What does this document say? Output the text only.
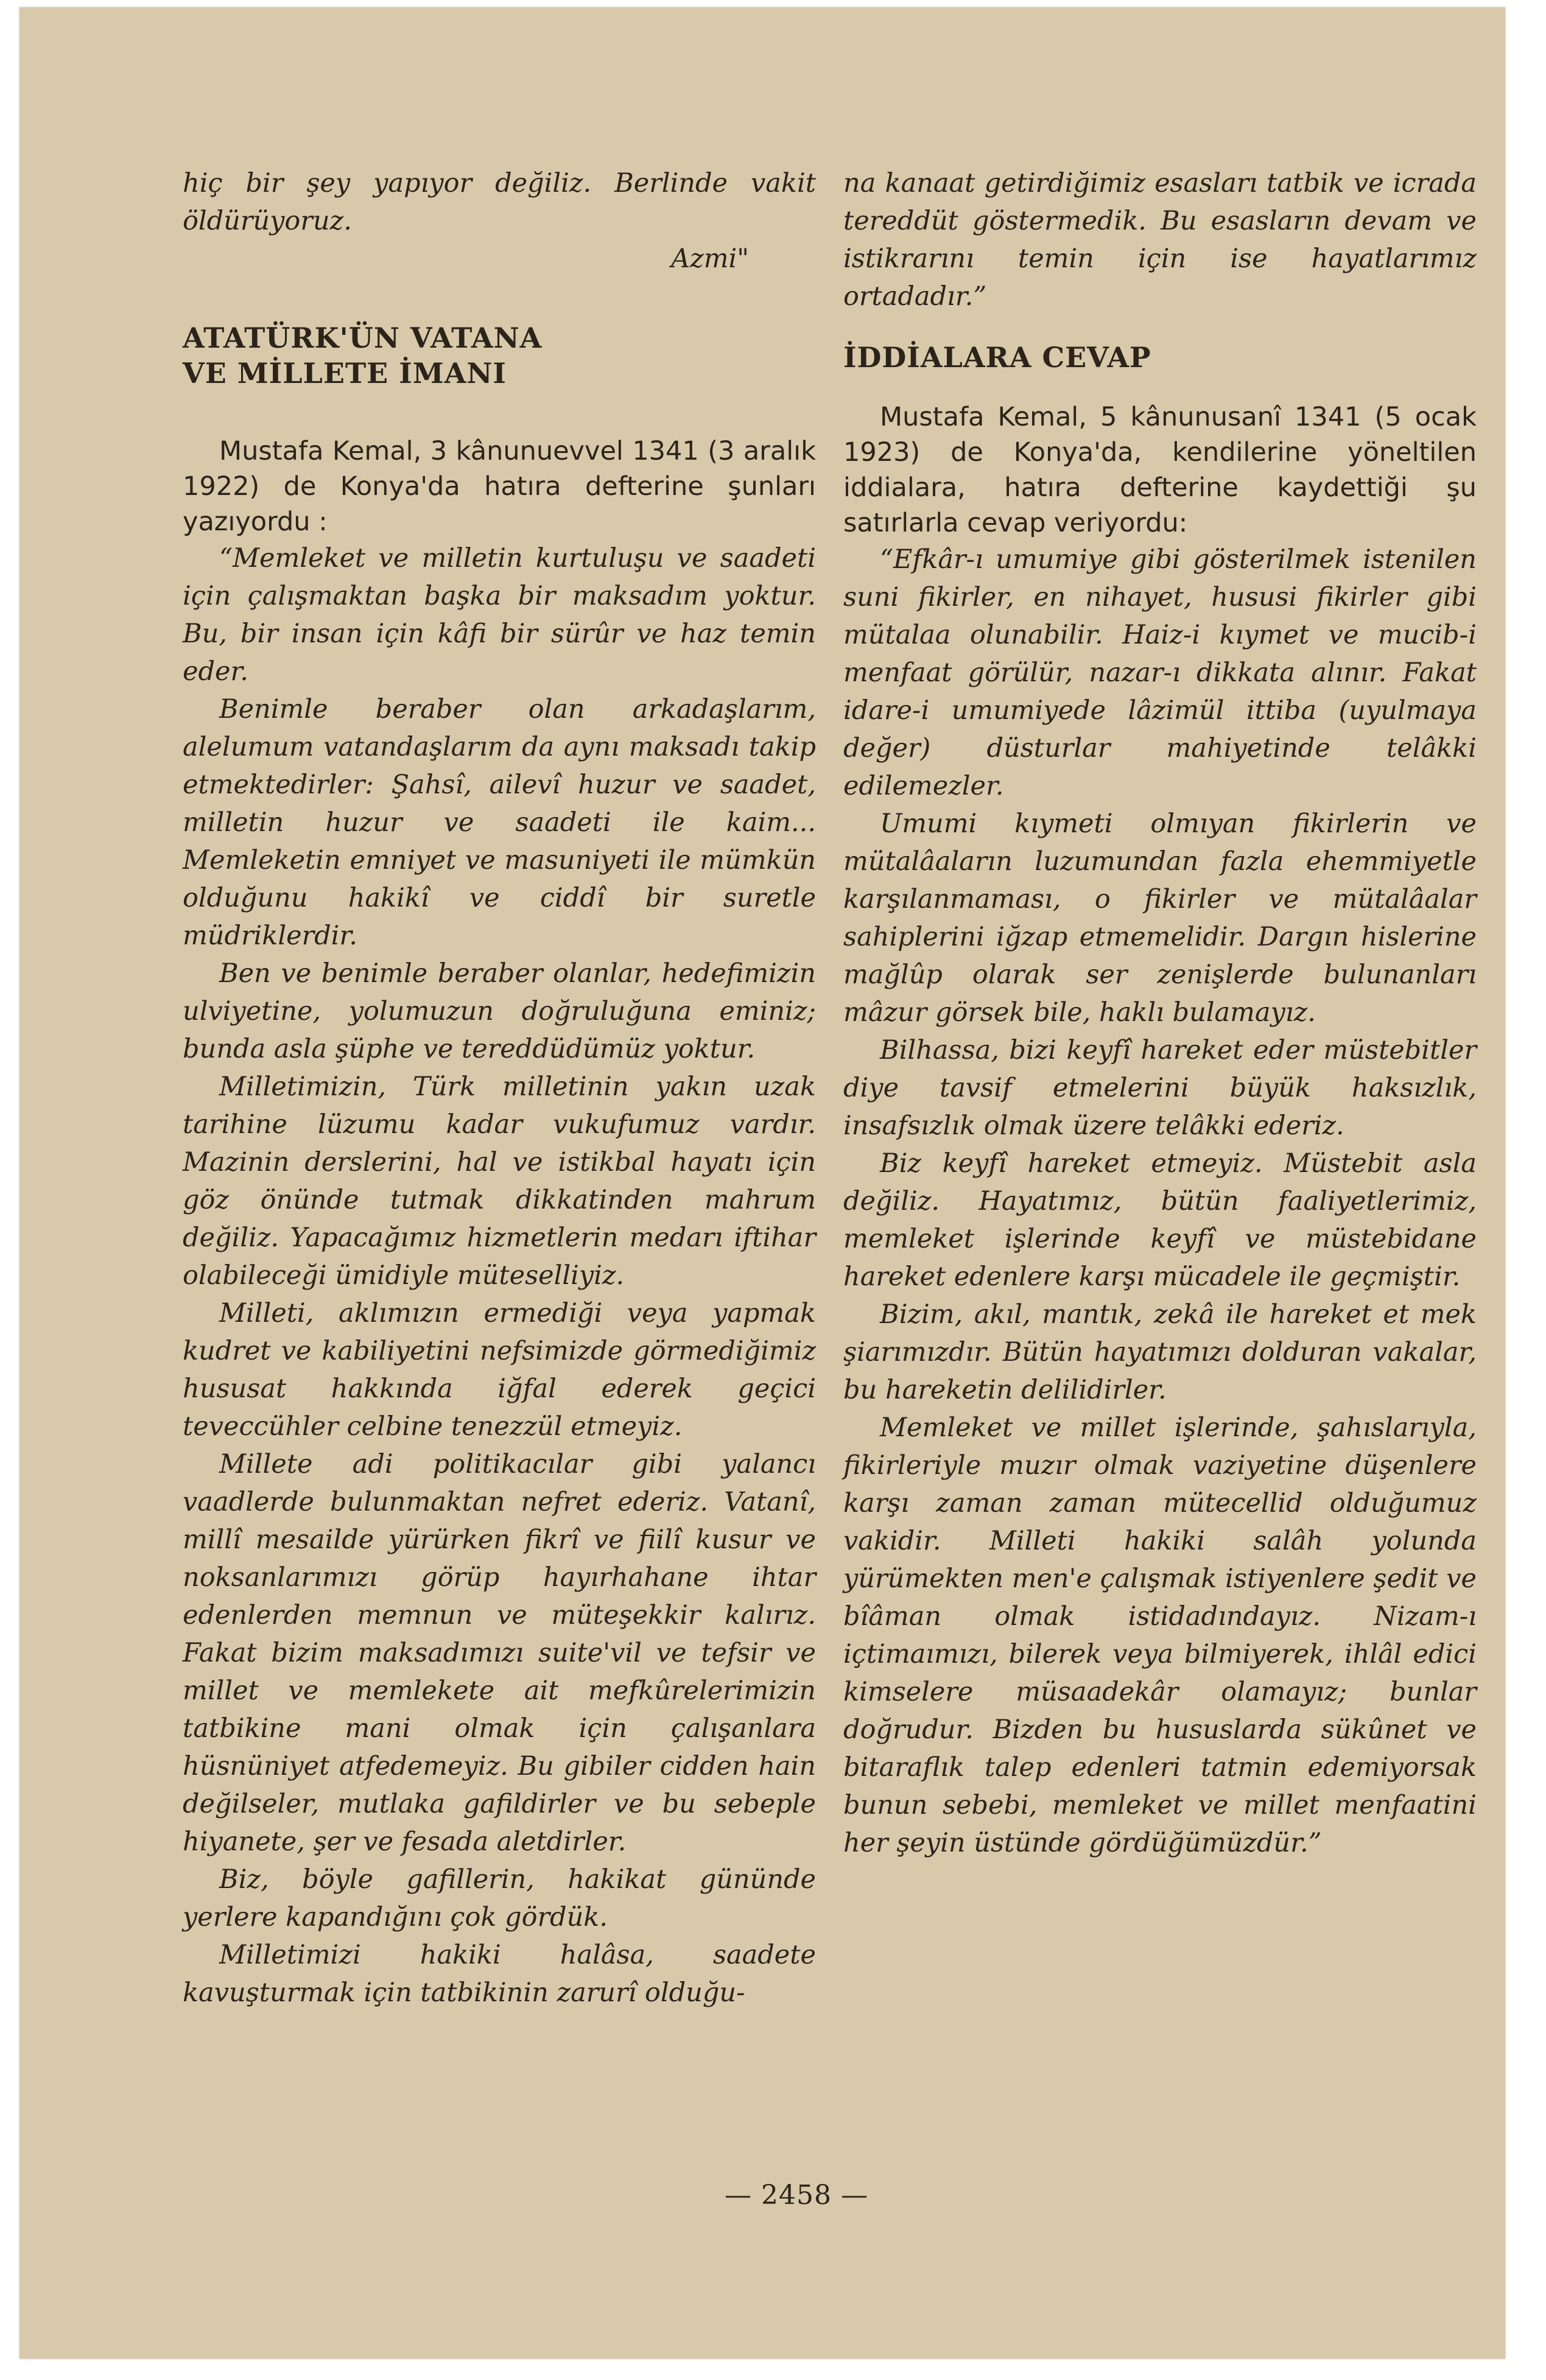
hiç bir şey yapıyor değiliz. Berlinde vakit öldürüyoruz.

Azmi"

ATATÜRK'ÜN VATANA

VE MİLLETE İMANI

Mustafa Kemal, 3 kânunuevvel 1341 (3 aralık 1922) de Konya'da hatıra defterine şunları yazıyordu :

“Memleket ve milletin kurtuluşu ve saadeti için çalışmaktan başka bir maksadım yoktur. Bu, bir insan için kâfi bir sürûr ve haz temin eder.

Benimle beraber olan arkadaşlarım, alelumum vatandaşlarım da aynı maksadı takip etmektedirler: Şahsî, ailevî huzur ve saadet, milletin huzur ve saadeti ile kaim... Memleketin emniyet ve masuniyeti ile mümkün olduğunu hakikî ve ciddî bir suretle müdriklerdir.

Ben ve benimle beraber olanlar, hedefimizin ulviyetine, yolumuzun doğruluğuna eminiz; bunda asla şüphe ve tereddüdümüz yoktur.

Milletimizin, Türk milletinin yakın uzak tarihine lüzumu kadar vukufumuz vardır. Mazinin derslerini, hal ve istikbal hayatı için göz önünde tutmak dikkatinden mahrum değiliz. Yapacağımız hizmetlerin medarı iftihar olabileceği ümidiyle müteselliyiz.

Milleti, aklımızın ermediği veya yapmak kudret ve kabiliyetini nefsimizde görmediğimiz hususat hakkında iğfal ederek geçici teveccühler celbine tenezzül etmeyiz.

Millete adi politikacılar gibi yalancı vaadlerde bulunmaktan nefret ederiz. Vatanî, millî mesailde yürürken fikrî ve fiilî kusur ve noksanlarımızı görüp hayırhahane ihtar edenlerden memnun ve müteşekkir kalırız. Fakat bizim maksadımızı suite'vil ve tefsir ve millet ve memlekete ait mefkûrelerimizin tatbikine mani olmak için çalışanlara hüsnüniyet atfedemeyiz. Bu gibiler cidden hain değilseler, mutlaka gafildirler ve bu sebeple hiyanete, şer ve fesada aletdirler.

Biz, böyle gafillerin, hakikat gününde yerlere kapandığını çok gördük.

Milletimizi hakiki halâsa, saadete kavuşturmak için tatbikinin zarurî olduğu-

na kanaat getirdiğimiz esasları tatbik ve icrada tereddüt göstermedik. Bu esasların devam ve istikrarını temin için ise hayatlarımız ortadadır.”

İDDİALARA CEVAP

Mustafa Kemal, 5 kânunusanî 1341 (5 ocak 1923) de Konya'da, kendilerine yöneltilen iddialara, hatıra defterine kaydettiği şu satırlarla cevap veriyordu:

“Efkâr-ı umumiye gibi gösterilmek istenilen suni fikirler, en nihayet, hususi fikirler gibi mütalaa olunabilir. Haiz-i kıymet ve mucib-i menfaat görülür, nazar-ı dikkata alınır. Fakat idare-i umumiyede lâzimül ittiba (uyulmaya değer) düsturlar mahiyetinde telâkki edilemezler.

Umumi kıymeti olmıyan fikirlerin ve mütalâaların luzumundan fazla ehemmiyetle karşılanmaması, o fikirler ve mütalâalar sahiplerini iğzap etmemelidir. Dargın hislerine mağlûp olarak ser zenişlerde bulunanları mâzur görsek bile, haklı bulamayız.

Bilhassa, bizi keyfî hareket eder müstebitler diye tavsif etmelerini büyük haksızlık, insafsızlık olmak üzere telâkki ederiz.

Biz keyfî hareket etmeyiz. Müstebit asla değiliz. Hayatımız, bütün faaliyetlerimiz, memleket işlerinde keyfî ve müstebidane hareket edenlere karşı mücadele ile geçmiştir.

Bizim, akıl, mantık, zekâ ile hareket et mek şiarımızdır. Bütün hayatımızı dolduran vakalar, bu hareketin delilidirler.

Memleket ve millet işlerinde, şahıslarıyla, fikirleriyle muzır olmak vaziyetine düşenlere karşı zaman zaman mütecellid olduğumuz vakidir. Milleti hakiki salâh yolunda yürümekten men'e çalışmak istiyenlere şedit ve bîâman olmak istidadındayız. Nizam-ı içtimaımızı, bilerek veya bilmiyerek, ihlâl edici kimselere müsaadekâr olamayız; bunlar doğrudur. Bizden bu hususlarda sükûnet ve bitaraflık talep edenleri tatmin edemiyorsak bunun sebebi, memleket ve millet menfaatini her şeyin üstünde gördüğümüzdür.”

— 2458 —
